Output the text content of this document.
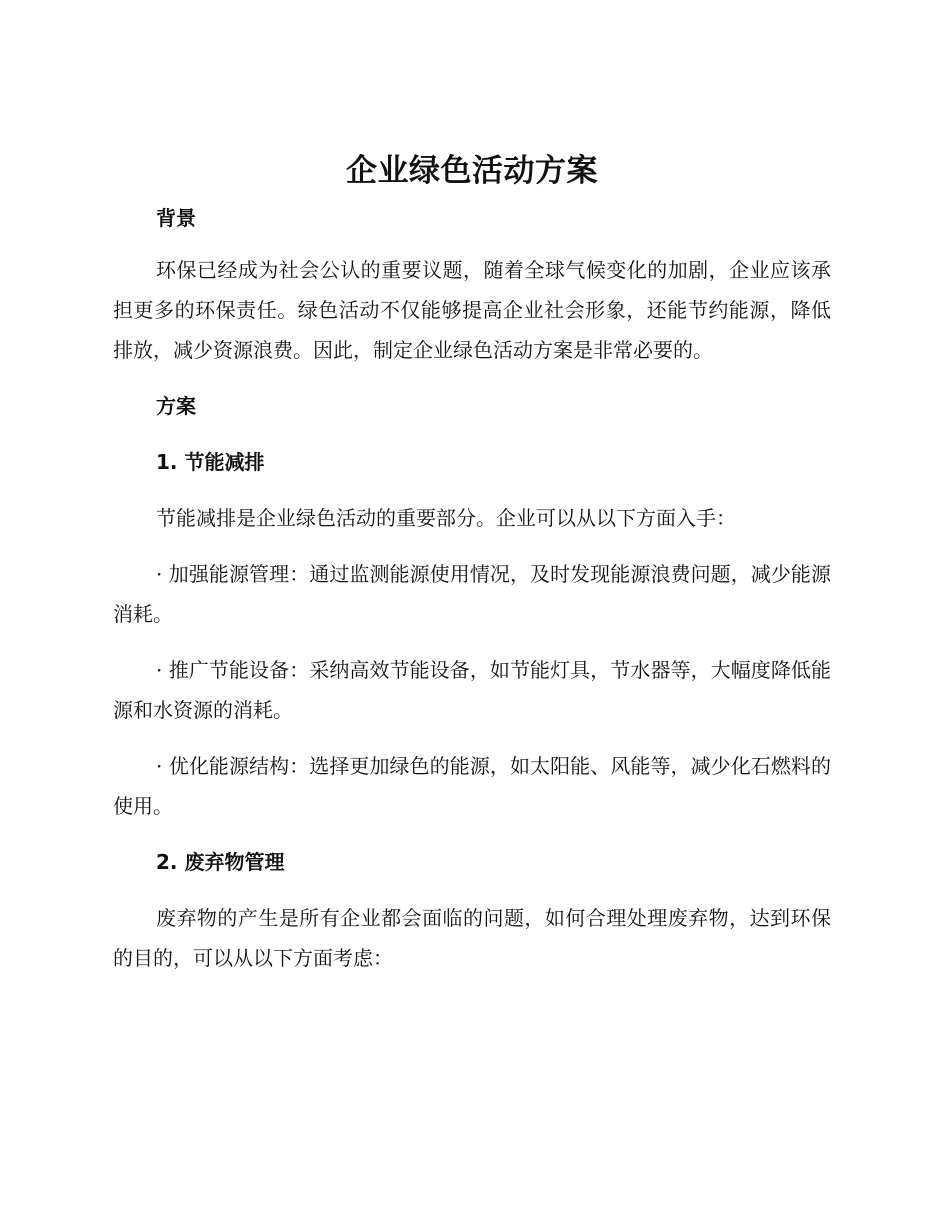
企业绿色活动方案
背景

环保已经成为社会公认的重要议题，随着全球气候变化的加剧，企业应该承担更多的环保责任。绿色活动不仅能够提高企业社会形象，还能节约能源，降低排放，减少资源浪费。因此，制定企业绿色活动方案是非常必要的。

方案
1. 节能减排

节能减排是企业绿色活动的重要部分。企业可以从以下方面入手：

· 加强能源管理：通过监测能源使用情况，及时发现能源浪费问题，减少能源消耗。

· 推广节能设备：采纳高效节能设备，如节能灯具，节水器等，大幅度降低能源和水资源的消耗。

· 优化能源结构：选择更加绿色的能源，如太阳能、风能等，减少化石燃料的使用。

2. 废弃物管理

废弃物的产生是所有企业都会面临的问题，如何合理处理废弃物，达到环保的目的，可以从以下方面考虑：
